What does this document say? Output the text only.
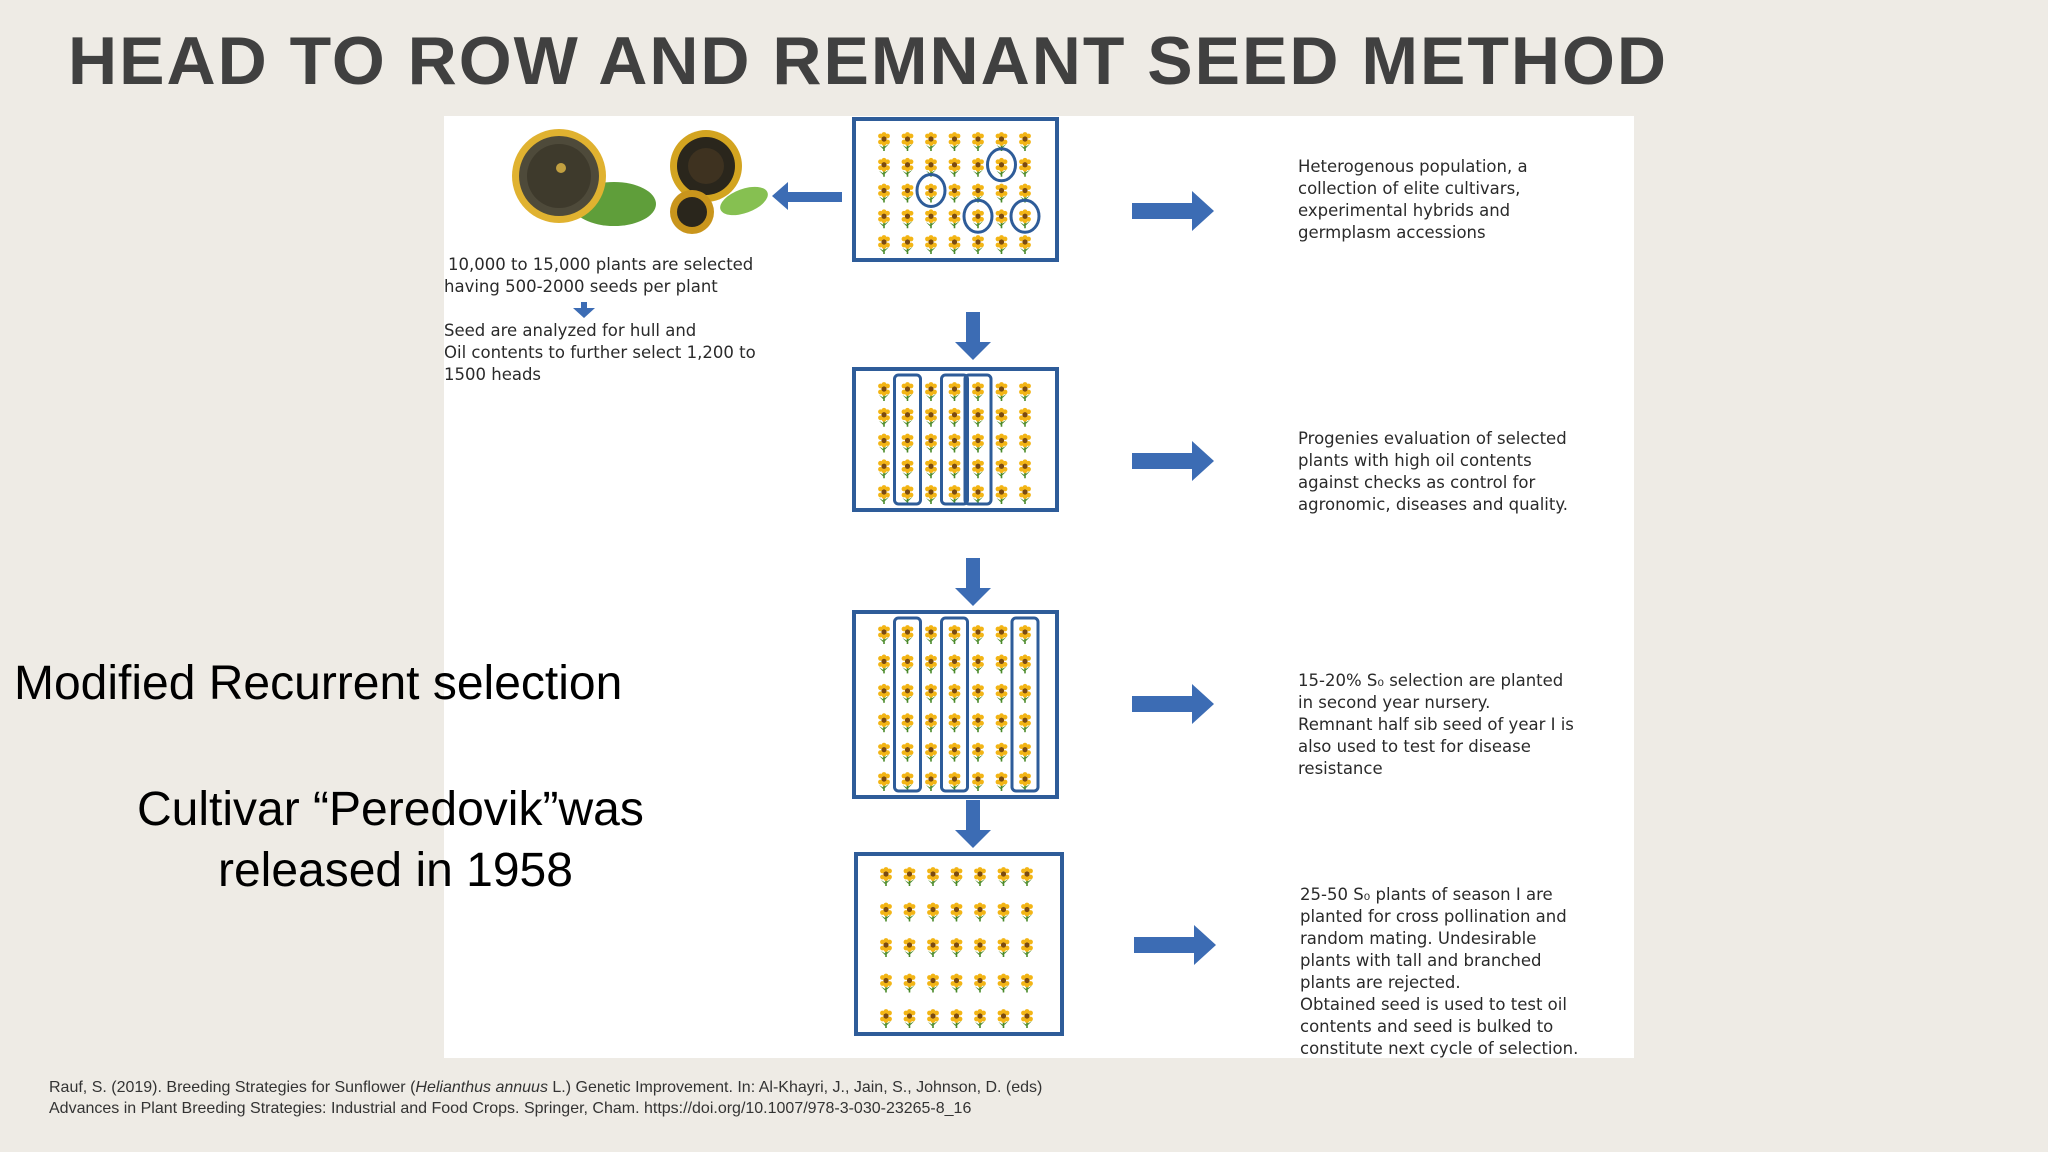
HEAD TO ROW AND REMNANT SEED METHOD
10,000 to 15,000 plants are selected
having 500-2000 seeds per plant
Seed are analyzed for hull and
Oil contents to further select 1,200 to
1500 heads
Heterogenous population, a
collection of elite cultivars,
experimental hybrids and
germplasm accessions
Progenies evaluation of selected
plants with high oil contents
against checks as control for
agronomic, diseases and quality.
15-20% S₀ selection are planted
in second year nursery.
Remnant half sib seed of year I is
also used to test for disease
resistance
25-50 S₀ plants of season I are
planted for cross pollination and
random mating. Undesirable
plants with tall and branched
plants are rejected.
Obtained seed is used to test oil
contents and seed is bulked to
constitute next cycle of selection.
Modified Recurrent selection
Cultivar “Peredovik”was
released in 1958
Rauf, S. (2019). Breeding Strategies for Sunflower (Helianthus annuus L.) Genetic Improvement. In: Al-Khayri, J., Jain, S., Johnson, D. (eds) Advances in Plant Breeding Strategies: Industrial and Food Crops. Springer, Cham. https://doi.org/10.1007/978-3-030-23265-8_16
